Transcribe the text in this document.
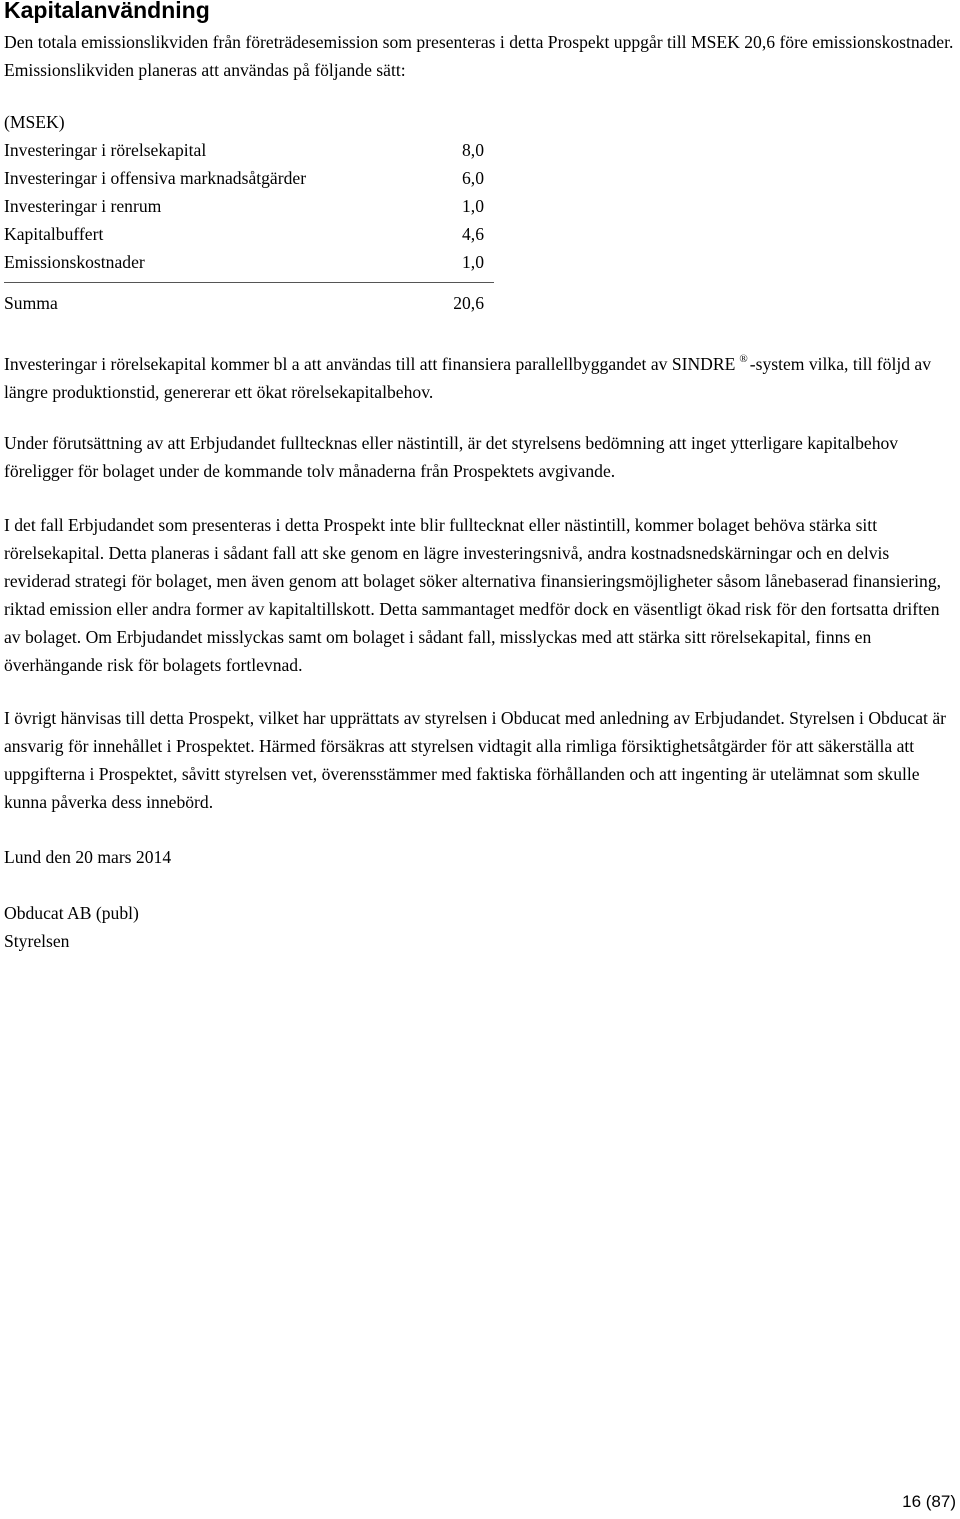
Kapitalanvändning

Den totala emissionslikviden från företrädesemission som presenteras i detta Prospekt uppgår till MSEK 20,6 före emissionskostnader. Emissionslikviden planeras att användas på följande sätt:

(MSEK)
Investeringar i rörelsekapital	8,0
Investeringar i offensiva marknadsåtgärder	6,0
Investeringar i renrum	1,0
Kapitalbuffert	4,6
Emissionskostnader	1,0
Summa	20,6

Investeringar i rörelsekapital kommer bl a att användas till att finansiera parallellbyggandet av SINDRE ® -system vilka, till följd av längre produktionstid, genererar ett ökat rörelsekapitalbehov.

Under förutsättning av att Erbjudandet fulltecknas eller nästintill, är det styrelsens bedömning att inget ytterligare kapitalbehov föreligger för bolaget under de kommande tolv månaderna från Prospektets avgivande.

I det fall Erbjudandet som presenteras i detta Prospekt inte blir fulltecknat eller nästintill, kommer bolaget behöva stärka sitt rörelsekapital. Detta planeras i sådant fall att ske genom en lägre investeringsnivå, andra kostnadsnedskärningar och en delvis reviderad strategi för bolaget, men även genom att bolaget söker alternativa finansieringsmöjligheter såsom lånebaserad finansiering, riktad emission eller andra former av kapitaltillskott. Detta sammantaget medför dock en väsentligt ökad risk för den fortsatta driften av bolaget. Om Erbjudandet misslyckas samt om bolaget i sådant fall, misslyckas med att stärka sitt rörelsekapital, finns en överhängande risk för bolagets fortlevnad.

I övrigt hänvisas till detta Prospekt, vilket har upprättats av styrelsen i Obducat med anledning av Erbjudandet. Styrelsen i Obducat är ansvarig för innehållet i Prospektet. Härmed försäkras att styrelsen vidtagit alla rimliga försiktighetsåtgärder för att säkerställa att uppgifterna i Prospektet, såvitt styrelsen vet, överensstämmer med faktiska förhållanden och att ingenting är utelämnat som skulle kunna påverka dess innebörd.

Lund den 20 mars 2014

Obducat AB (publ)

Styrelsen

16 (87)
